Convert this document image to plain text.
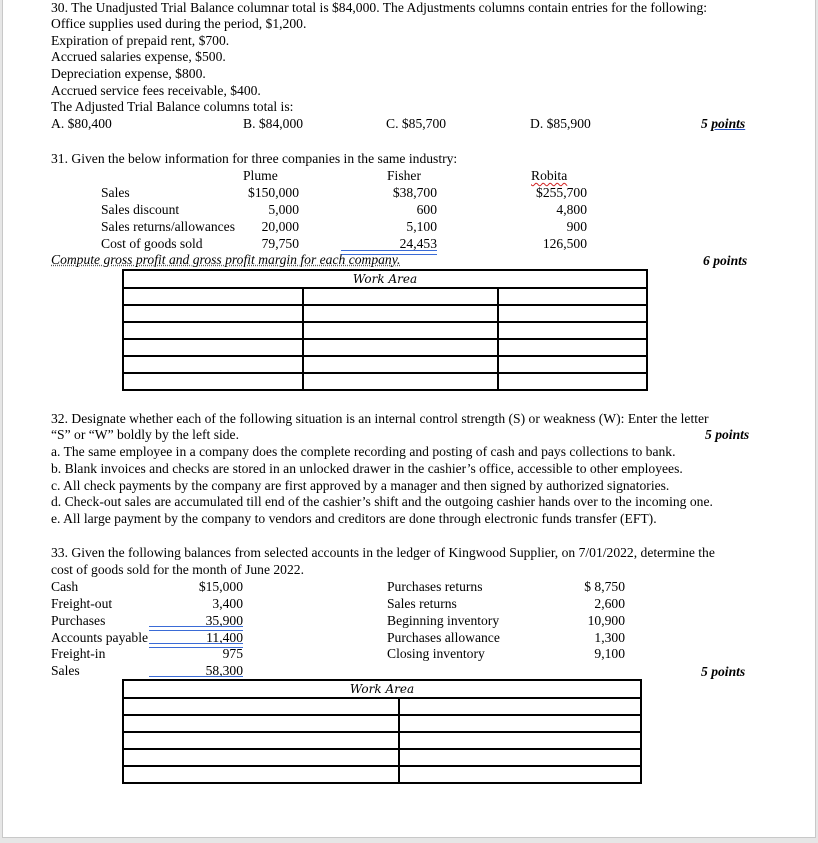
30. The Unadjusted Trial Balance columnar total is $84,000. The Adjustments columns contain entries for the following:
Office supplies used during the period, $1,200.
Expiration of prepaid rent, $700.
Accrued salaries expense, $500.
Depreciation expense, $800.
Accrued service fees receivable, $400.
The Adjusted Trial Balance columns total is:
A. $80,400	B. $84,000	C. $85,700	D. $85,900	5 points
31. Given the below information for three companies in the same industry:
Plume	Fisher	Robita
Sales	$150,000	$38,700	$255,700
Sales discount	5,000	600	4,800
Sales returns/allowances	20,000	5,100	900
Cost of goods sold	79,750	24,453	126,500
Compute gross profit and gross profit margin for each company.	6 points
Work Area		

32. Designate whether each of the following situation is an internal control strength (S) or weakness (W): Enter the letter
“S” or “W” boldly by the left side.	5 points
a. The same employee in a company does the complete recording and posting of cash and pays collections to bank.
b. Blank invoices and checks are stored in an unlocked drawer in the cashier’s office, accessible to other employees.
c. All check payments by the company are first approved by a manager and then signed by authorized signatories.
d. Check-out sales are accumulated till end of the cashier’s shift and the outgoing cashier hands over to the incoming one.
e. All large payment by the company to vendors and creditors are done through electronic funds transfer (EFT).
33. Given the following balances from selected accounts in the ledger of Kingwood Supplier, on 7/01/2022, determine the
cost of goods sold for the month of June 2022.
Cash	$15,000
Freight-out	3,400
Purchases	35,900
Accounts payable	11,400
Freight-in	975
Sales	58,300
Purchases returns	$ 8,750
Sales returns	2,600
Beginning inventory	10,900
Purchases allowance	1,300
Closing inventory	9,100
5 points
Work Area	
